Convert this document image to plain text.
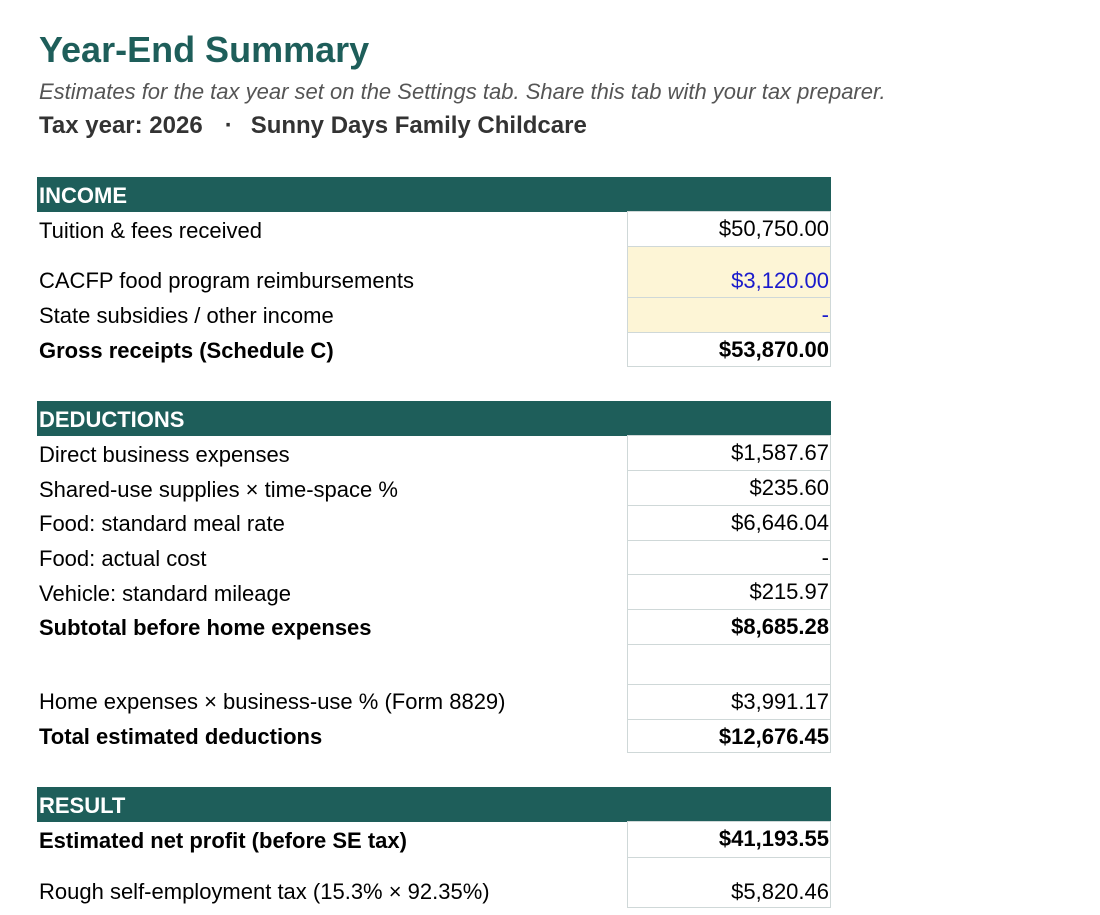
Year-End Summary
Estimates for the tax year set on the Settings tab. Share this tab with your tax preparer.
Tax year: 2026 · Sunny Days Family Childcare
INCOME
Tuition & fees received	$50,750.00
CACFP food program reimbursements	$3,120.00
State subsidies / other income	-
Gross receipts (Schedule C)	$53,870.00
DEDUCTIONS
Direct business expenses	$1,587.67
Shared-use supplies × time-space %	$235.60
Food: standard meal rate	$6,646.04
Food: actual cost	-
Vehicle: standard mileage	$215.97
Subtotal before home expenses	$8,685.28
Home expenses × business-use % (Form 8829)	$3,991.17
Total estimated deductions	$12,676.45
RESULT
Estimated net profit (before SE tax)	$41,193.55
Rough self-employment tax (15.3% × 92.35%)	$5,820.46
